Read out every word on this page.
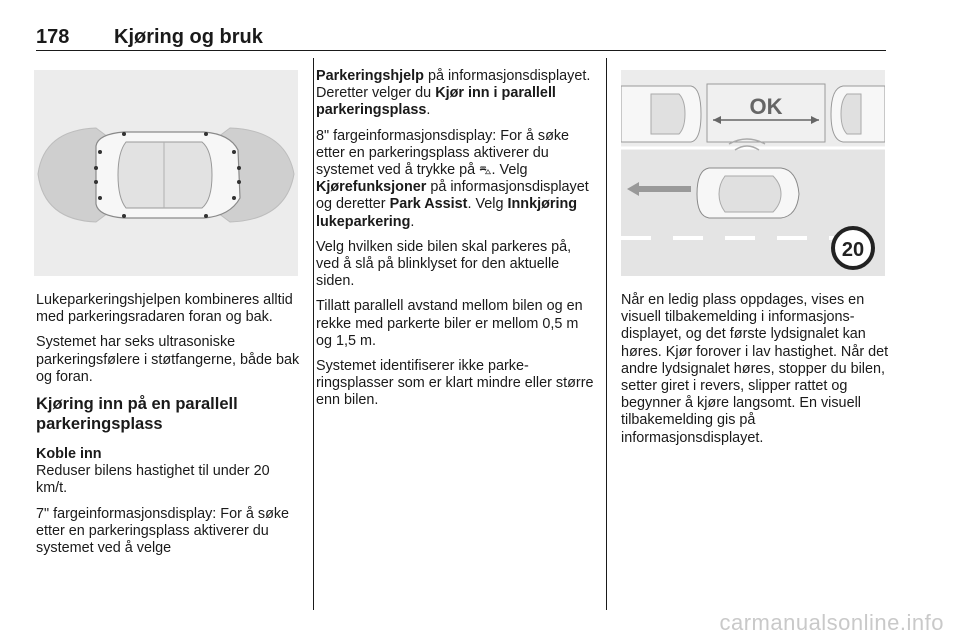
178 Kjøring og bruk

Lukeparkeringshjelpen kombineres alltid med parkeringsradaren foran og bak.

Systemet har seks ultrasoniske parkeringsfølere i støtfangerne, både bak og foran.

Kjøring inn på en parallell parkeringsplass
Koble inn

Reduser bilens hastighet til under 20 km/t.

7" fargeinformasjonsdisplay: For å søke etter en parkeringsplass aktiverer du systemet ved å velge

Parkeringshjelp på informasjonsdisplayet. Deretter velger du Kjør inn i parallell parkeringsplass.

8" fargeinformasjonsdisplay: For å søke etter en parkeringsplass aktiverer du systemet ved å trykke på ⛍. Velg Kjørefunksjoner på informasjonsdisplayet og deretter Park Assist. Velg Innkjøring lukeparkering.

Velg hvilken side bilen skal parkeres på, ved å slå på blinklyset for den aktuelle siden.

Tillatt parallell avstand mellom bilen og en rekke med parkerte biler er mellom 0,5 m og 1,5 m.

Systemet identifiserer ikke parkeringsplasser som er klart mindre eller større enn bilen.

OK
20

Når en ledig plass oppdages, vises en visuell tilbakemelding i informasjonsdisplayet, og det første lydsignalet kan høres. Kjør forover i lav hastighet. Når det andre lydsignalet høres, stopper du bilen, setter giret i revers, slipper rattet og begynner å kjøre langsomt. En visuell tilbakemelding gis på informasjonsdisplayet.

carmanualsonline.info
